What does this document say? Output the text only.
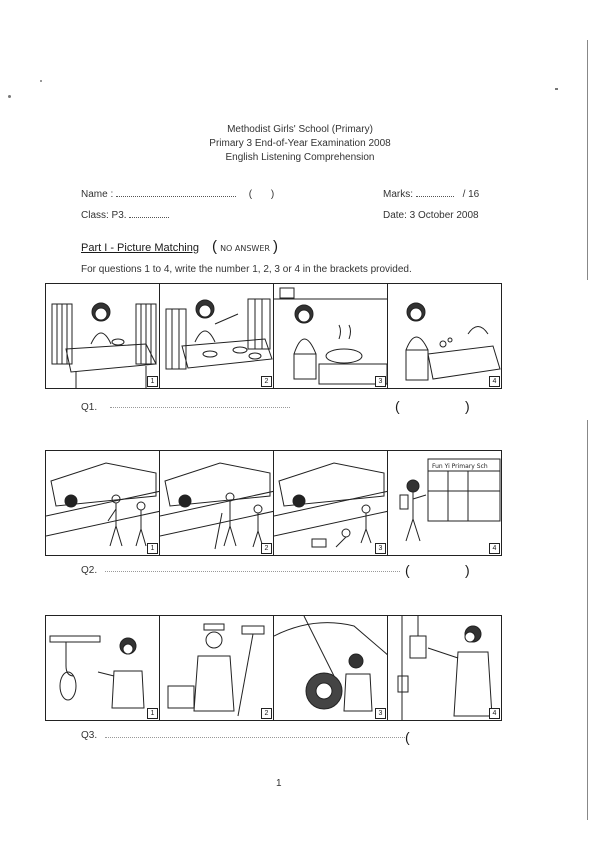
Methodist Girls' School (Primary)
Primary 3 End-of-Year Examination 2008
English Listening Comprehension
Name :	( )	Marks:	/ 16
Class: P3.	Date: 3 October 2008
Part I - Picture Matching ( NO ANSWER )
For questions 1 to 4, write the number 1, 2, 3 or 4 in the brackets provided.
1	2	3	4
Q1.	(	)
1	2	3
Fun Yi Primary Sch
4
Q2.	(	)
1	2	3	4
Q3.	(
1
